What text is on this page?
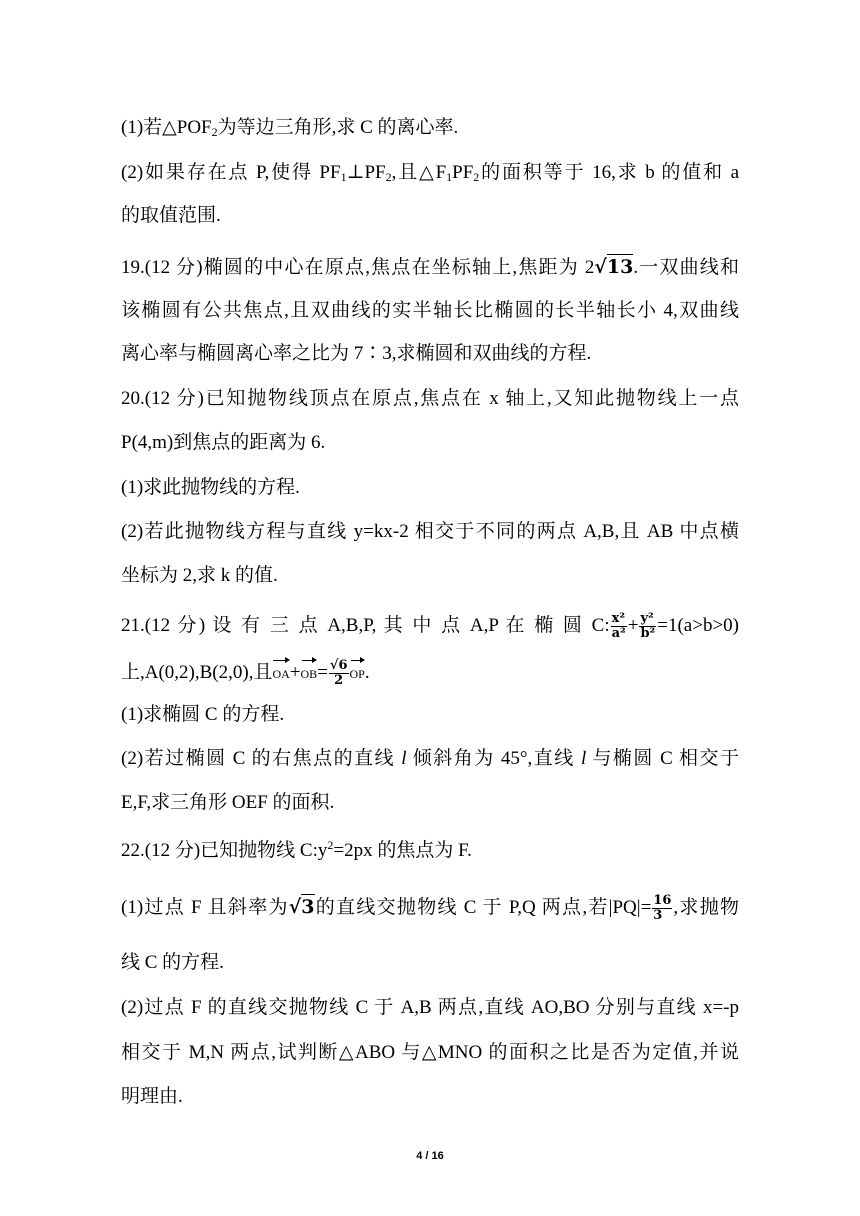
(1)若$\triangle POF_2$为等边三角形,求 C 的离心率.
(2)如果存在点 P,使得 $PF_1\perp PF_2$,且$\triangle F_1PF_2$的面积等于 16,求 b 的值和 a
的取值范围.
19.(12 分)椭圆的中心在原点,焦点在坐标轴上,焦距为 2√13.一双曲线和
该椭圆有公共焦点,且双曲线的实半轴长比椭圆的长半轴长小 4,双曲线
离心率与椭圆离心率之比为 7∶3,求椭圆和双曲线的方程.
20.(12 分)已知抛物线顶点在原点,焦点在 x 轴上,又知此抛物线上一点
P(4,m)到焦点的距离为 6.
(1)求此抛物线的方程.
(2)若此抛物线方程与直线 y=kx-2 相交于不同的两点 A,B,且 AB 中点横
坐标为 2,求 k 的值.
21.(12 分) 设 有 三 点 A,B,P, 其 中 点 A,P 在 椭 圆 C: $\frac{\text{x²}}{\text{a²}} + \frac{\text{y²}}{\text{b²}} =1(a>b>0)$
上,A(0,2),B(2,0),且$OA+OB= \frac{√6}{2}$ OP.
(1)求椭圆 C 的方程.
(2)若过椭圆 C 的右焦点的直线 l 倾斜角为 45°,直线 l 与椭圆 C 相交于
E,F,求三角形 OEF 的面积.
22.(12 分)已知抛物线 $C:y^2=2px$ 的焦点为 F.
(1)过点 F 且斜率为√3的直线交抛物线 C 于 P,Q 两点,若$|PQ|= \frac{16}{3}$ ,求抛物
线 C 的方程.
(2)过点 F 的直线交抛物线 C 于 A,B 两点,直线 AO,BO 分别与直线 x=-p
相交于 M,N 两点,试判断△ABO 与△MNO 的面积之比是否为定值,并说
明理由.
4 / 16
